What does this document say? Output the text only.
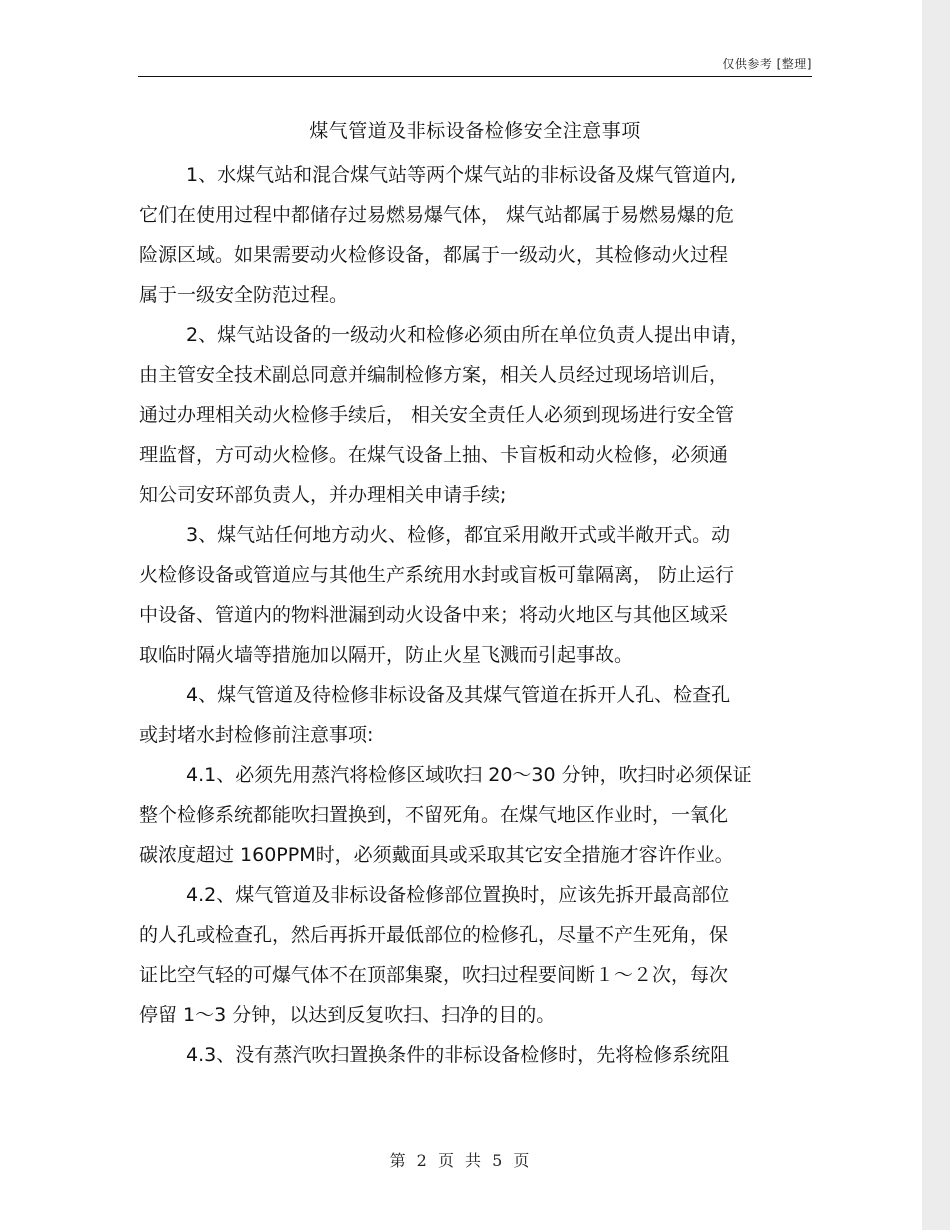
仅供参考 [整理]
煤气管道及非标设备检修安全注意事项

1、水煤气站和混合煤气站等两个煤气站的非标设备及煤气管道内,
它们在使用过程中都储存过易燃易爆气体， 煤气站都属于易燃易爆的危
险源区域。如果需要动火检修设备，都属于一级动火，其检修动火过程
属于一级安全防范过程。

2、煤气站设备的一级动火和检修必须由所在单位负责人提出申请，
由主管安全技术副总同意并编制检修方案，相关人员经过现场培训后，
通过办理相关动火检修手续后， 相关安全责任人必须到现场进行安全管
理监督，方可动火检修。在煤气设备上抽、卡盲板和动火检修，必须通
知公司安环部负责人，并办理相关申请手续;

3、煤气站任何地方动火、检修，都宜采用敞开式或半敞开式。动
火检修设备或管道应与其他生产系统用水封或盲板可靠隔离， 防止运行
中设备、管道内的物料泄漏到动火设备中来；将动火地区与其他区域采
取临时隔火墙等措施加以隔开，防止火星飞溅而引起事故。

4、煤气管道及待检修非标设备及其煤气管道在拆开人孔、检查孔
或封堵水封检修前注意事项:

4.1、必须先用蒸汽将检修区域吹扫 20～30 分钟，吹扫时必须保证
整个检修系统都能吹扫置换到，不留死角。在煤气地区作业时，一氧化
碳浓度超过 160PPM时，必须戴面具或采取其它安全措施才容许作业。

4.2、煤气管道及非标设备检修部位置换时，应该先拆开最高部位
的人孔或检查孔，然后再拆开最低部位的检修孔，尽量不产生死角，保
证比空气轻的可爆气体不在顶部集聚，吹扫过程要间断１～２次，每次
停留 1～3 分钟，以达到反复吹扫、扫净的目的。

4.3、没有蒸汽吹扫置换条件的非标设备检修时，先将检修系统阻

第 2 页 共 5 页
